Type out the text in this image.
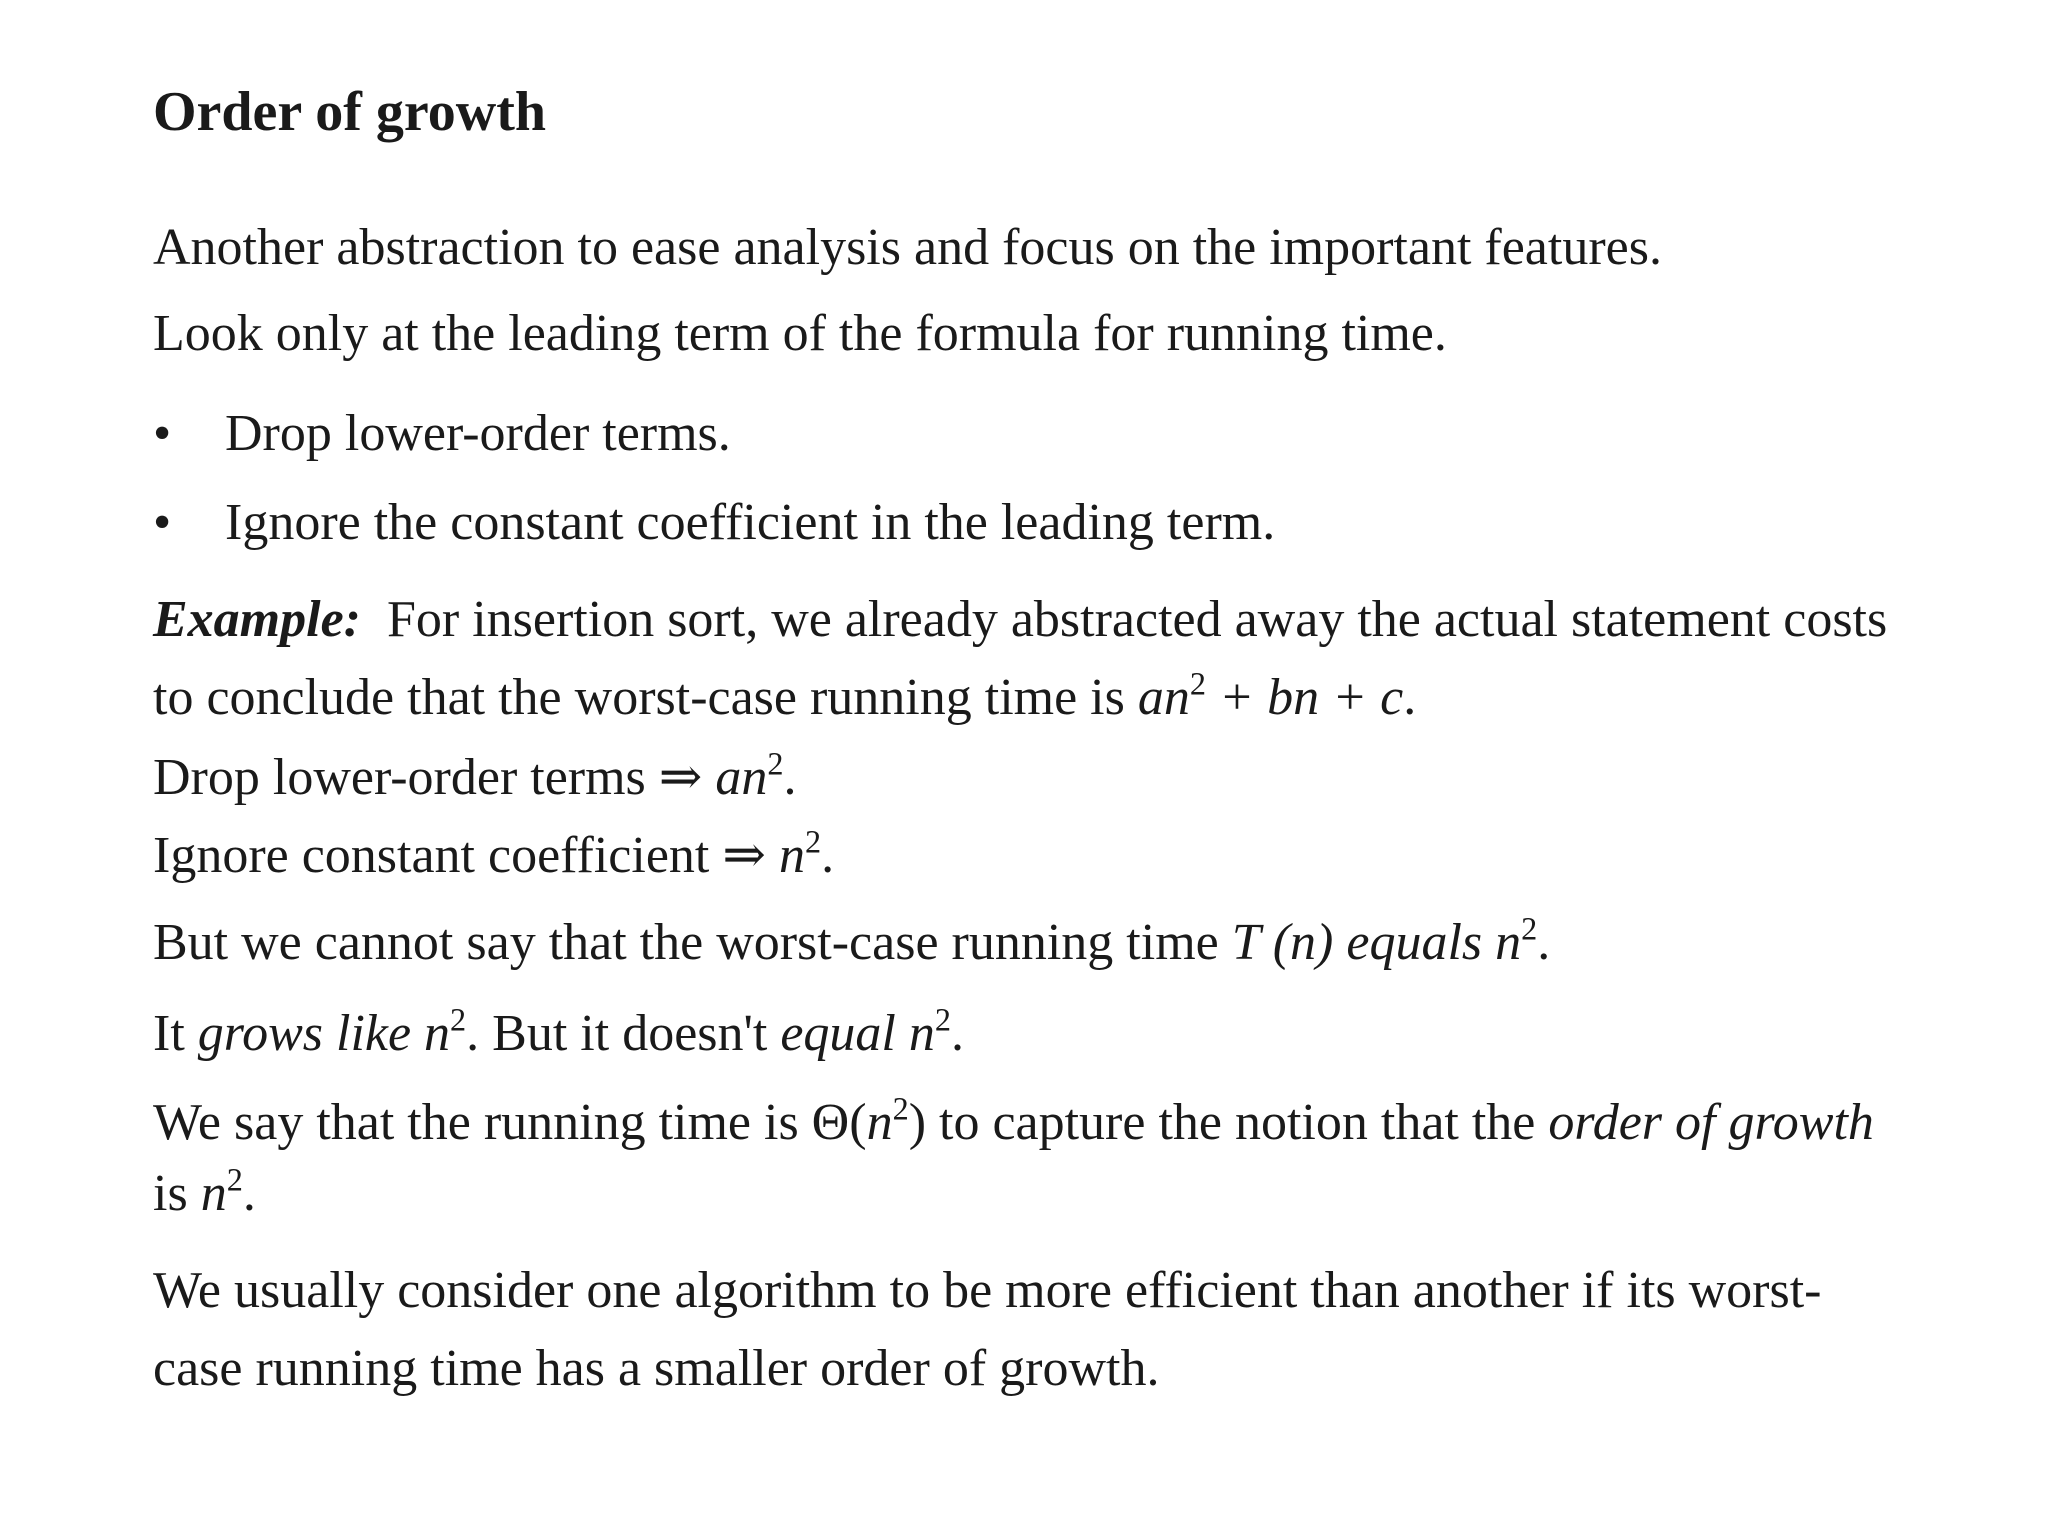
Order of growth

Another abstraction to ease analysis and focus on the important features.

Look only at the leading term of the formula for running time.

• Drop lower-order terms.
• Ignore the constant coefficient in the leading term.

Example: For insertion sort, we already abstracted away the actual statement costs

to conclude that the worst-case running time is $an^2$ + bn + c.

Drop lower-order terms ⇒ $an^2$.

Ignore constant coefficient ⇒ $n^2$.

But we cannot say that the worst-case running time T (n) equals $n^2$.

It grows like $n^2$. But it doesn't equal $n^2$.

We say that the running time is $\Theta(n^2)$ to capture the notion that the order of growth

is $n^2$.

We usually consider one algorithm to be more efficient than another if its worst-

case running time has a smaller order of growth.
